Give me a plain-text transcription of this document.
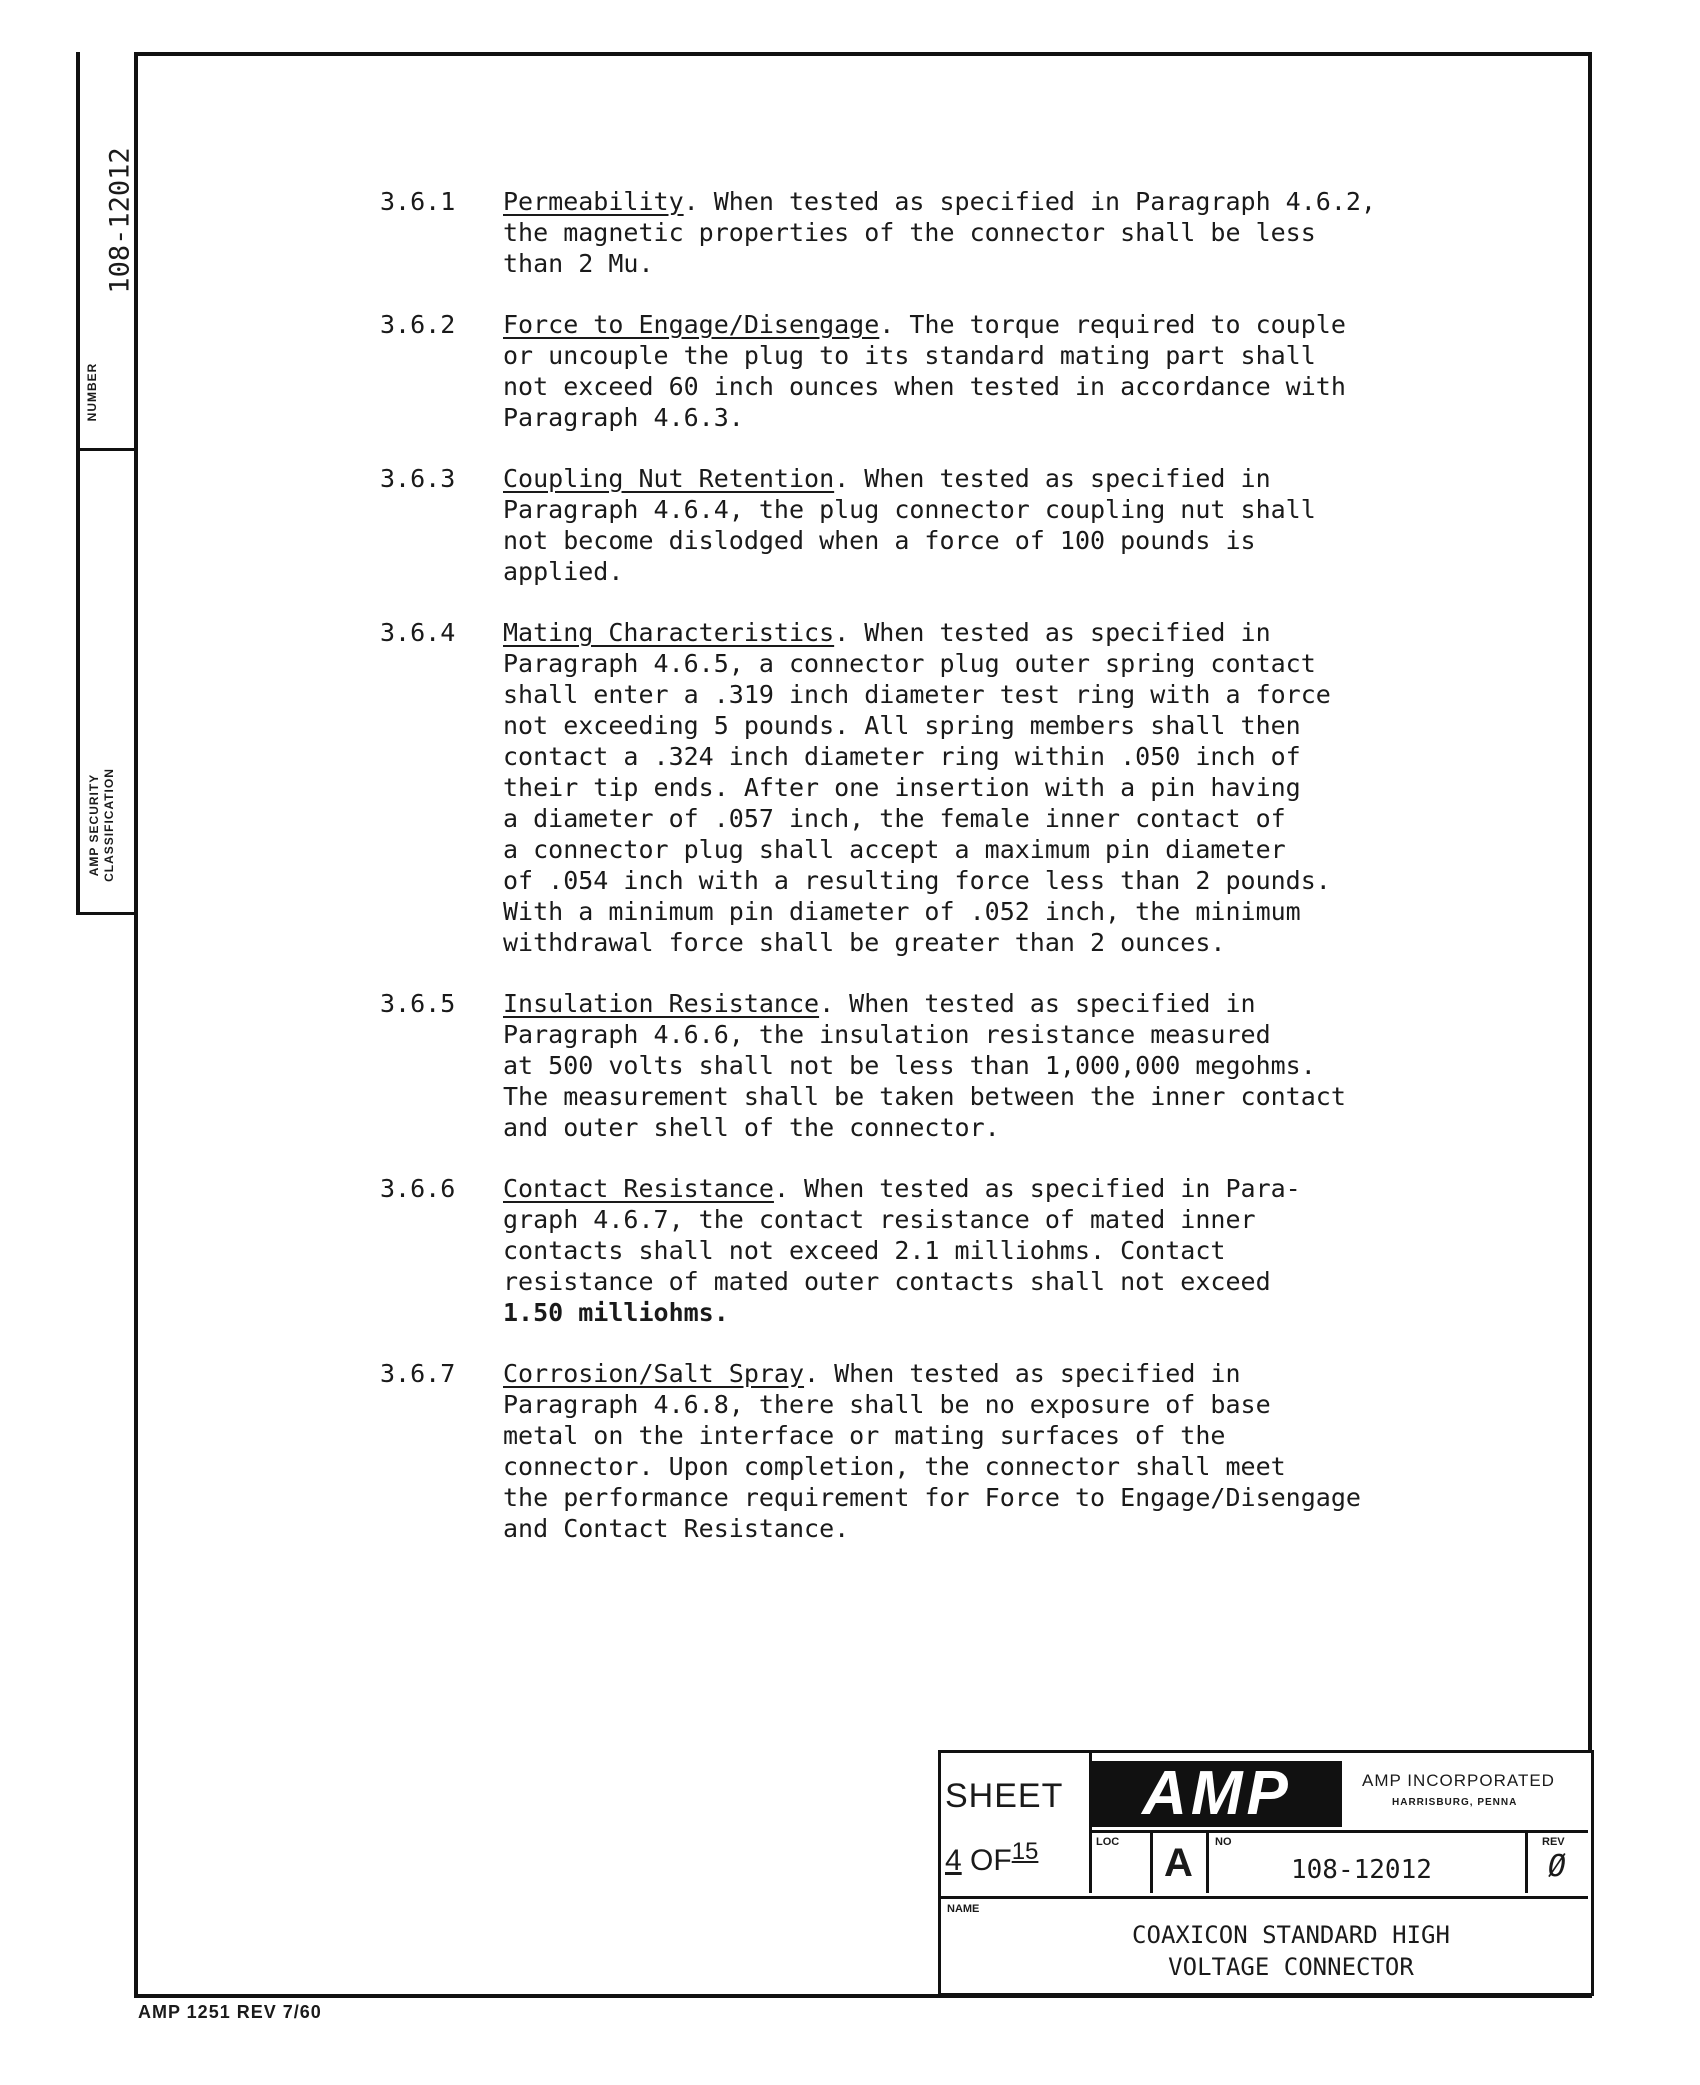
108-12012
NUMBER
AMP SECURITY
CLASSIFICATION
3.6.1	Permeability. When tested as specified in Paragraph 4.6.2,
the magnetic properties of the connector shall be less
than 2 Mu.
3.6.2	Force to Engage/Disengage. The torque required to couple
or uncouple the plug to its standard mating part shall
not exceed 60 inch ounces when tested in accordance with
Paragraph 4.6.3.
3.6.3	Coupling Nut Retention. When tested as specified in
Paragraph 4.6.4, the plug connector coupling nut shall
not become dislodged when a force of 100 pounds is
applied.
3.6.4	Mating Characteristics. When tested as specified in
Paragraph 4.6.5, a connector plug outer spring contact
shall enter a .319 inch diameter test ring with a force
not exceeding 5 pounds. All spring members shall then
contact a .324 inch diameter ring within .050 inch of
their tip ends. After one insertion with a pin having
a diameter of .057 inch, the female inner contact of
a connector plug shall accept a maximum pin diameter
of .054 inch with a resulting force less than 2 pounds.
With a minimum pin diameter of .052 inch, the minimum
withdrawal force shall be greater than 2 ounces.
3.6.5	Insulation Resistance. When tested as specified in
Paragraph 4.6.6, the insulation resistance measured
at 500 volts shall not be less than 1,000,000 megohms.
The measurement shall be taken between the inner contact
and outer shell of the connector.
3.6.6	Contact Resistance. When tested as specified in Para-
graph 4.6.7, the contact resistance of mated inner
contacts shall not exceed 2.1 milliohms. Contact
resistance of mated outer contacts shall not exceed
1.50 milliohms.
3.6.7	Corrosion/Salt Spray. When tested as specified in
Paragraph 4.6.8, there shall be no exposure of base
metal on the interface or mating surfaces of the
connector. Upon completion, the connector shall meet
the performance requirement for Force to Engage/Disengage
and Contact Resistance.
SHEET
4 OF$^{15}$
AMP	AMP INCORPORATED
HARRISBURG, PENNA
LOC A NO
108-12012
REV
Ø
NAME
COAXICON STANDARD HIGH
VOLTAGE CONNECTOR
AMP 1251 REV 7/60
